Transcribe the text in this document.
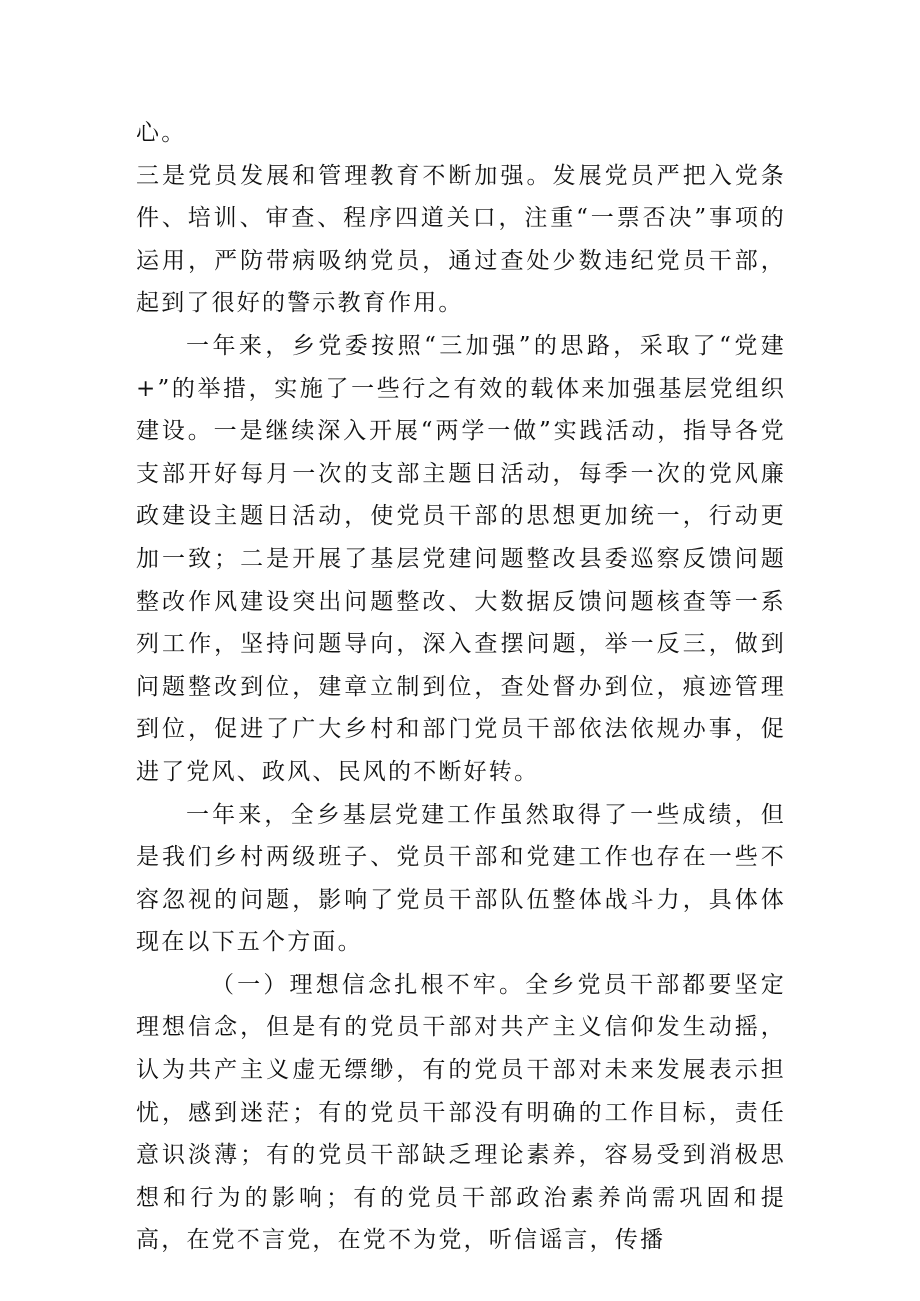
心。

三是党员发展和管理教育不断加强。发展党员严把入党条件、培训、审查、程序四道关口，注重“一票否决”事项的运用，严防带病吸纳党员，通过查处少数违纪党员干部，起到了很好的警示教育作用。

一年来，乡党委按照“三加强”的思路，采取了“党建+”的举措，实施了一些行之有效的载体来加强基层党组织建设。一是继续深入开展“两学一做”实践活动，指导各党支部开好每月一次的支部主题日活动，每季一次的党风廉政建设主题日活动，使党员干部的思想更加统一，行动更加一致；二是开展了基层党建问题整改县委巡察反馈问题整改作风建设突出问题整改、大数据反馈问题核查等一系列工作，坚持问题导向，深入查摆问题，举一反三，做到问题整改到位，建章立制到位，查处督办到位，痕迹管理到位，促进了广大乡村和部门党员干部依法依规办事，促进了党风、政风、民风的不断好转。

一年来，全乡基层党建工作虽然取得了一些成绩，但是我们乡村两级班子、党员干部和党建工作也存在一些不容忽视的问题，影响了党员干部队伍整体战斗力，具体体现在以下五个方面。

（一）理想信念扎根不牢。全乡党员干部都要坚定理想信念，但是有的党员干部对共产主义信仰发生动摇，认为共产主义虚无缥缈，有的党员干部对未来发展表示担忧，感到迷茫；有的党员干部没有明确的工作目标，责任意识淡薄；有的党员干部缺乏理论素养，容易受到消极思想和行为的影响；有的党员干部政治素养尚需巩固和提高，在党不言党，在党不为党，听信谣言，传播
